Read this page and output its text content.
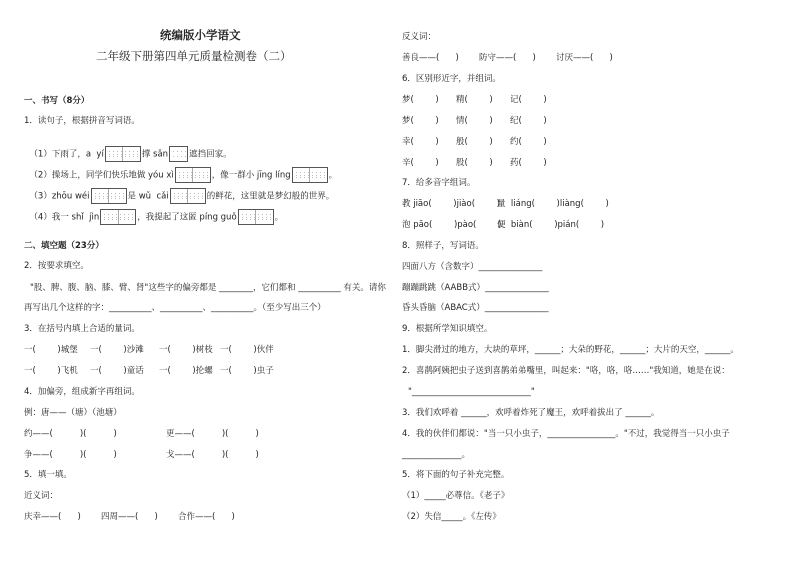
统编版小学语文
二年级下册第四单元质量检测卷（二）
一、书写（8分）
1．读句子，根据拼音写词语。

（1）下雨了，a  yí	撑 sǎn 遮挡回家。

（2）操场上，同学们快乐地做 yóu xì	，像一群小 jīng líng	。

（3）zhōu wéi	是 wǔ  cǎi	的鲜花，这里就是梦幻般的世界。

（4）我一 shǐ  jìn	，我提起了这匿 píng guǒ	。

二、填空题（23分）
2．按要求填空。
"股、脾、腹、脑、膝、臂、肾"这些字的偏旁都是 ________，它们都和 __________ 有关。请你
再写出几个这样的字：__________、__________、__________。（至少写出三个）
3．在括号内填上合适的量词。
一(        )城堡 一(        )沙滩 一(        )树枝 一(        )伙伴
一(        )飞机 一(        )童话 一(        )抡螺 一(        )虫子
4．加偏旁，组成新字再组词。
例：唐——（塘）（池塘）
约——(          )(          )	更——(          )(          )
争——(          )(          )	戈——(          )(          )
5．填一填。
近义词：
庆幸——(      ) 四周——(      ) 合作——(      )
反义词：
善良——(      ) 防守——(      ) 讨厌——(      )
6．区别形近字，并组词。
梦(        ) 精(        ) 记(        )
梦(        ) 情(        ) 纪(        )
幸(        ) 般(        ) 约(        )
辛(        ) 股(        ) 药(        )
7．给多音字组词。
教 jiāo(        )jiào(        )
量  liáng(        )liàng(        )
泡 pāo(        )pào(        )
便  biàn(        )pián(        )
8．照样子，写词语。
四面八方（含数字）_______________
蹦蹦跳跳（AABB式）_______________
昏头昏脑（ABAC式）_______________
9．根据所学知识填空。
1．脚尖滑过的地方，大块的草坪，______；大朵的野花，______；大片的天空，______。
2．喜鹊阿姨把虫子送到喜鹊弟弟嘴里，叫起来："咯，咯，咯……"我知道，她是在说：
"____________________________"
3．我们欢呼着 ______，欢呼着炸死了魔王，欢呼着拔出了 ______。
4．我的伙伴们都说："当一只小虫子，________________。"不过，我觉得当一只小虫子
______________。
5．将下面的句子补充完整。
（1）_____必尊信。《老子》
（2）失信_____。《左传》
